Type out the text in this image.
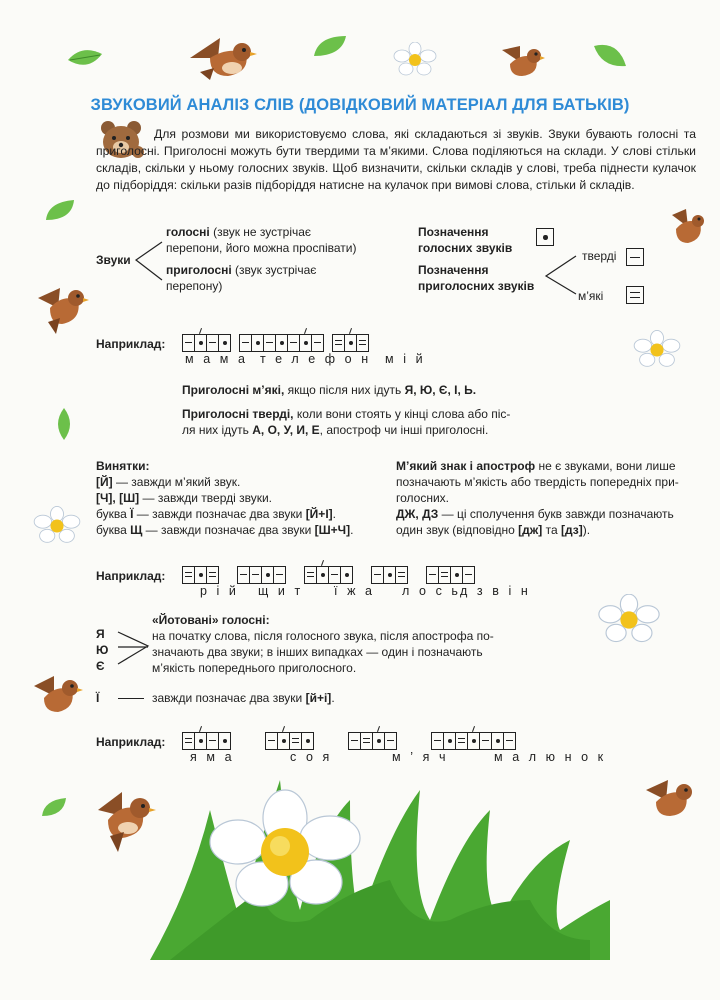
ЗВУКОВИЙ АНАЛІЗ СЛІВ (ДОВІДКОВИЙ МАТЕРІАЛ ДЛЯ БАТЬКІВ)
Для розмови ми використовуємо слова, які складаються зі звуків. Звуки бувають голосні та приголосні. Приголосні можуть бути твердими та м’якими. Слова поділяються на склади. У слові стільки складів, скільки у ньому голосних звуків. Щоб визначити, скільки складів у слові, треба піднести кулачок до підборіддя: скільки разів підборіддя натисне на кулачок при вимові слова, стільки й складів.
Звуки
голосні (звук не зустрічає
перепони, його можна проспівати)
приголосні (звук зустрічає
перепону)
Позначення
голосних звуків
Позначення
приголосних звуків
тверді
м’які
Наприклад:
мама телефон мій
Приголосні м’які, якщо після них ідуть Я, Ю, Є, І, Ь.
Приголосні тверді, коли вони стоять у кінці слова або піс-
ля них ідуть А, О, У, И, Е, апостроф чи інші приголосні.
Винятки:
[Й] — завжди м’який звук.
[Ч], [Ш] — завжди тверді звуки.
буква Ї — завжди позначає два звуки [Й+І].
буква Щ — завжди позначає два звуки [Ш+Ч].
М’який знак і апостроф не є звуками, вони лише
позначають м’якість або твердість попередніх при-
голосних.
ДЖ, ДЗ — ці сполучення букв завжди позначають
один звук (відповідно [дж] та [дз]).
Наприклад:
рій щит їжа лось
дзвін
«Йотовані» голосні:
Я
Ю
Є
на початку слова, після голосного звука, після апострофа по-
значають два звуки; в інших випадках — один і позначають
м’якість попереднього приголосного.
Ї	завжди позначає два звуки [й+і].
Наприклад:
яма	соя	м’яч	малюнок
